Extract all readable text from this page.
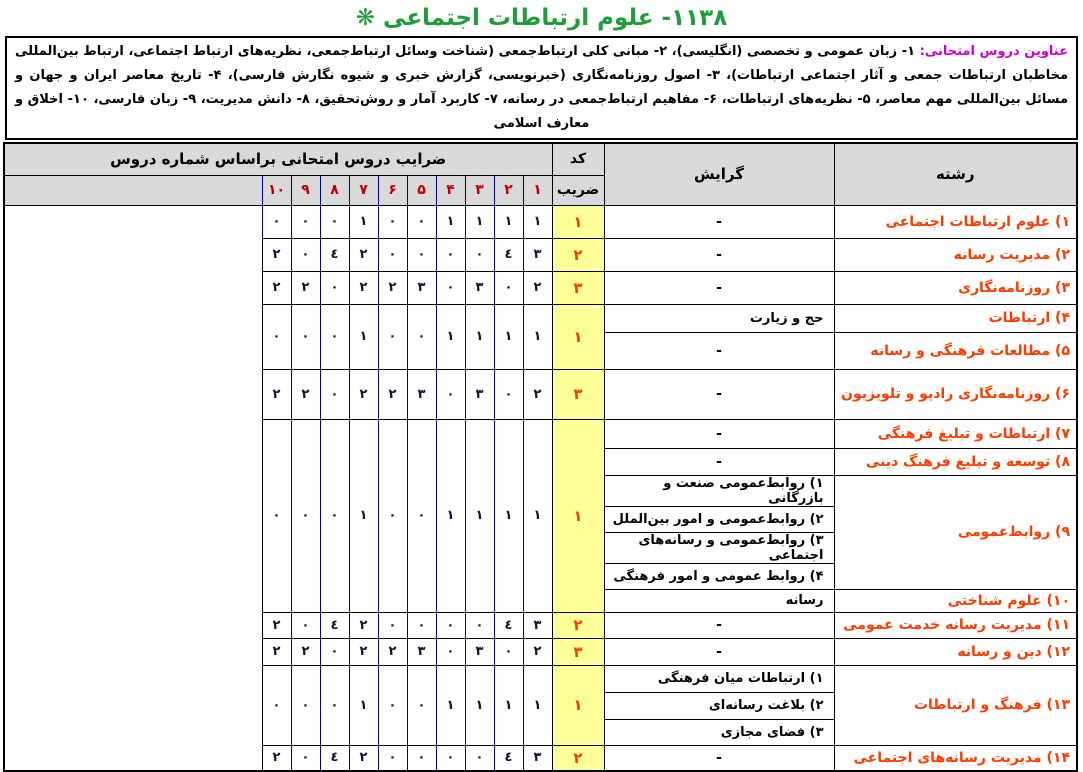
۱۱۳۸- علوم ارتباطات اجتماعی ❋
عناوین دروس امتحانی: ۱- زبان عمومی و تخصصی (انگلیسی)، ۲- مبانی کلی ارتباط‌جمعی (شناخت وسائل ارتباط‌جمعی، نظریه‌های ارتباط اجتماعی، ارتباط بین‌المللی مخاطبان ارتباطات جمعی و آثار اجتماعی ارتباطات)، ۳- اصول روزنامه‌نگاری (خبرنویسی، گزارش خبری و شیوه نگارش فارسی)، ۴- تاریخ معاصر ایران و جهان و مسائل بین‌المللی مهم معاصر، ۵- نظریه‌های ارتباطات، ۶- مفاهیم ارتباط‌جمعی در رسانه، ۷- کاربرد آمار و روش‌تحقیق، ۸- دانش مدیریت، ۹- زبان فارسی، ۱۰- اخلاق و معارف اسلامی
رشته	گرایش	کد	ضرایب دروس امتحانی براساس شماره دروس										
		ضریب	۱	۲	۳	۴	۵	۶	۷	۸	۹	۱۰	
۱) علوم ارتباطات اجتماعی	-	۱	۱	۱	۱	۱	۰	۰	۱	۰	۰	۰	
۲) مدیریت رسانه	-	۲	۳	٤	۰	۰	۰	۰	۲	٤	۰	۲	
۳) روزنامه‌نگاری	-	۳	۲	۰	۳	۰	۳	۲	۲	۰	۲	۲	
۴) ارتباطات	حج و زیارت	۱	۱	۱	۱	۱	۰	۰	۱	۰	۰	۰	
۵) مطالعات فرهنگی و رسانه	-												
۶) روزنامه‌نگاری رادیو و تلویزیون	-	۳	۲	۰	۳	۰	۳	۲	۲	۰	۲	۲	
۷) ارتباطات و تبلیغ فرهنگی	-	۱	۱	۱	۱	۱	۰	۰	۱	۰	۰	۰	
۸) توسعه و تبلیغ فرهنگ دینی	-												
۹) روابط‌عمومی	۱) روابط‌عمومی صنعت و بازرگانی												
	۲) روابط‌عمومی و امور بین‌الملل												
	۳) روابط‌عمومی و رسانه‌های اجتماعی												
	۴) روابط عمومی و امور فرهنگی												
۱۰) علوم شناختی	رسانه												
۱۱) مدیریت رسانه خدمت عمومی	-	۲	۳	٤	۰	۰	۰	۰	۲	٤	۰	۲	
۱۲) دین و رسانه	-	۳	۲	۰	۳	۰	۳	۲	۲	۰	۲	۲	
۱۳) فرهنگ و ارتباطات	۱) ارتباطات میان فرهنگی	۱	۱	۱	۱	۱	۰	۰	۱	۰	۰	۰	
	۲) بلاغت رسانه‌ای												
	۳) فضای مجازی												
۱۴) مدیریت رسانه‌های اجتماعی	-	۲	۳	٤	۰	۰	۰	۰	۲	٤	۰	۲	
